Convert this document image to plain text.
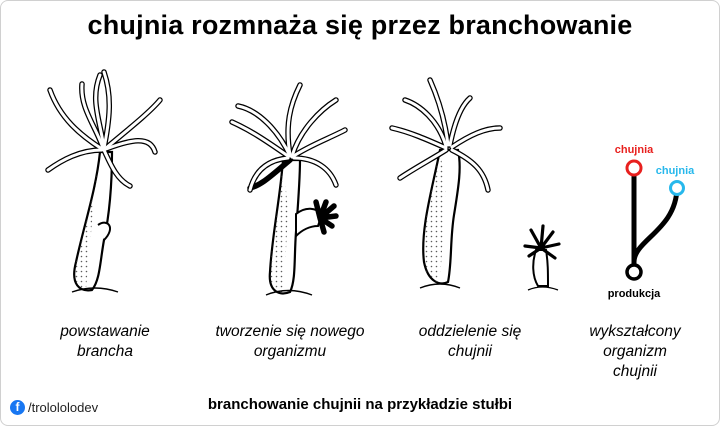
chujnia rozmnaża się przez branchowanie
chujnia
chujnia
produkcja
powstawanie
brancha
tworzenie się nowego
organizmu
oddzielenie się
chujnii
wykształcony
organizm
chujnii
branchowanie chujnii na przykładzie stułbi
f /trolololodev
